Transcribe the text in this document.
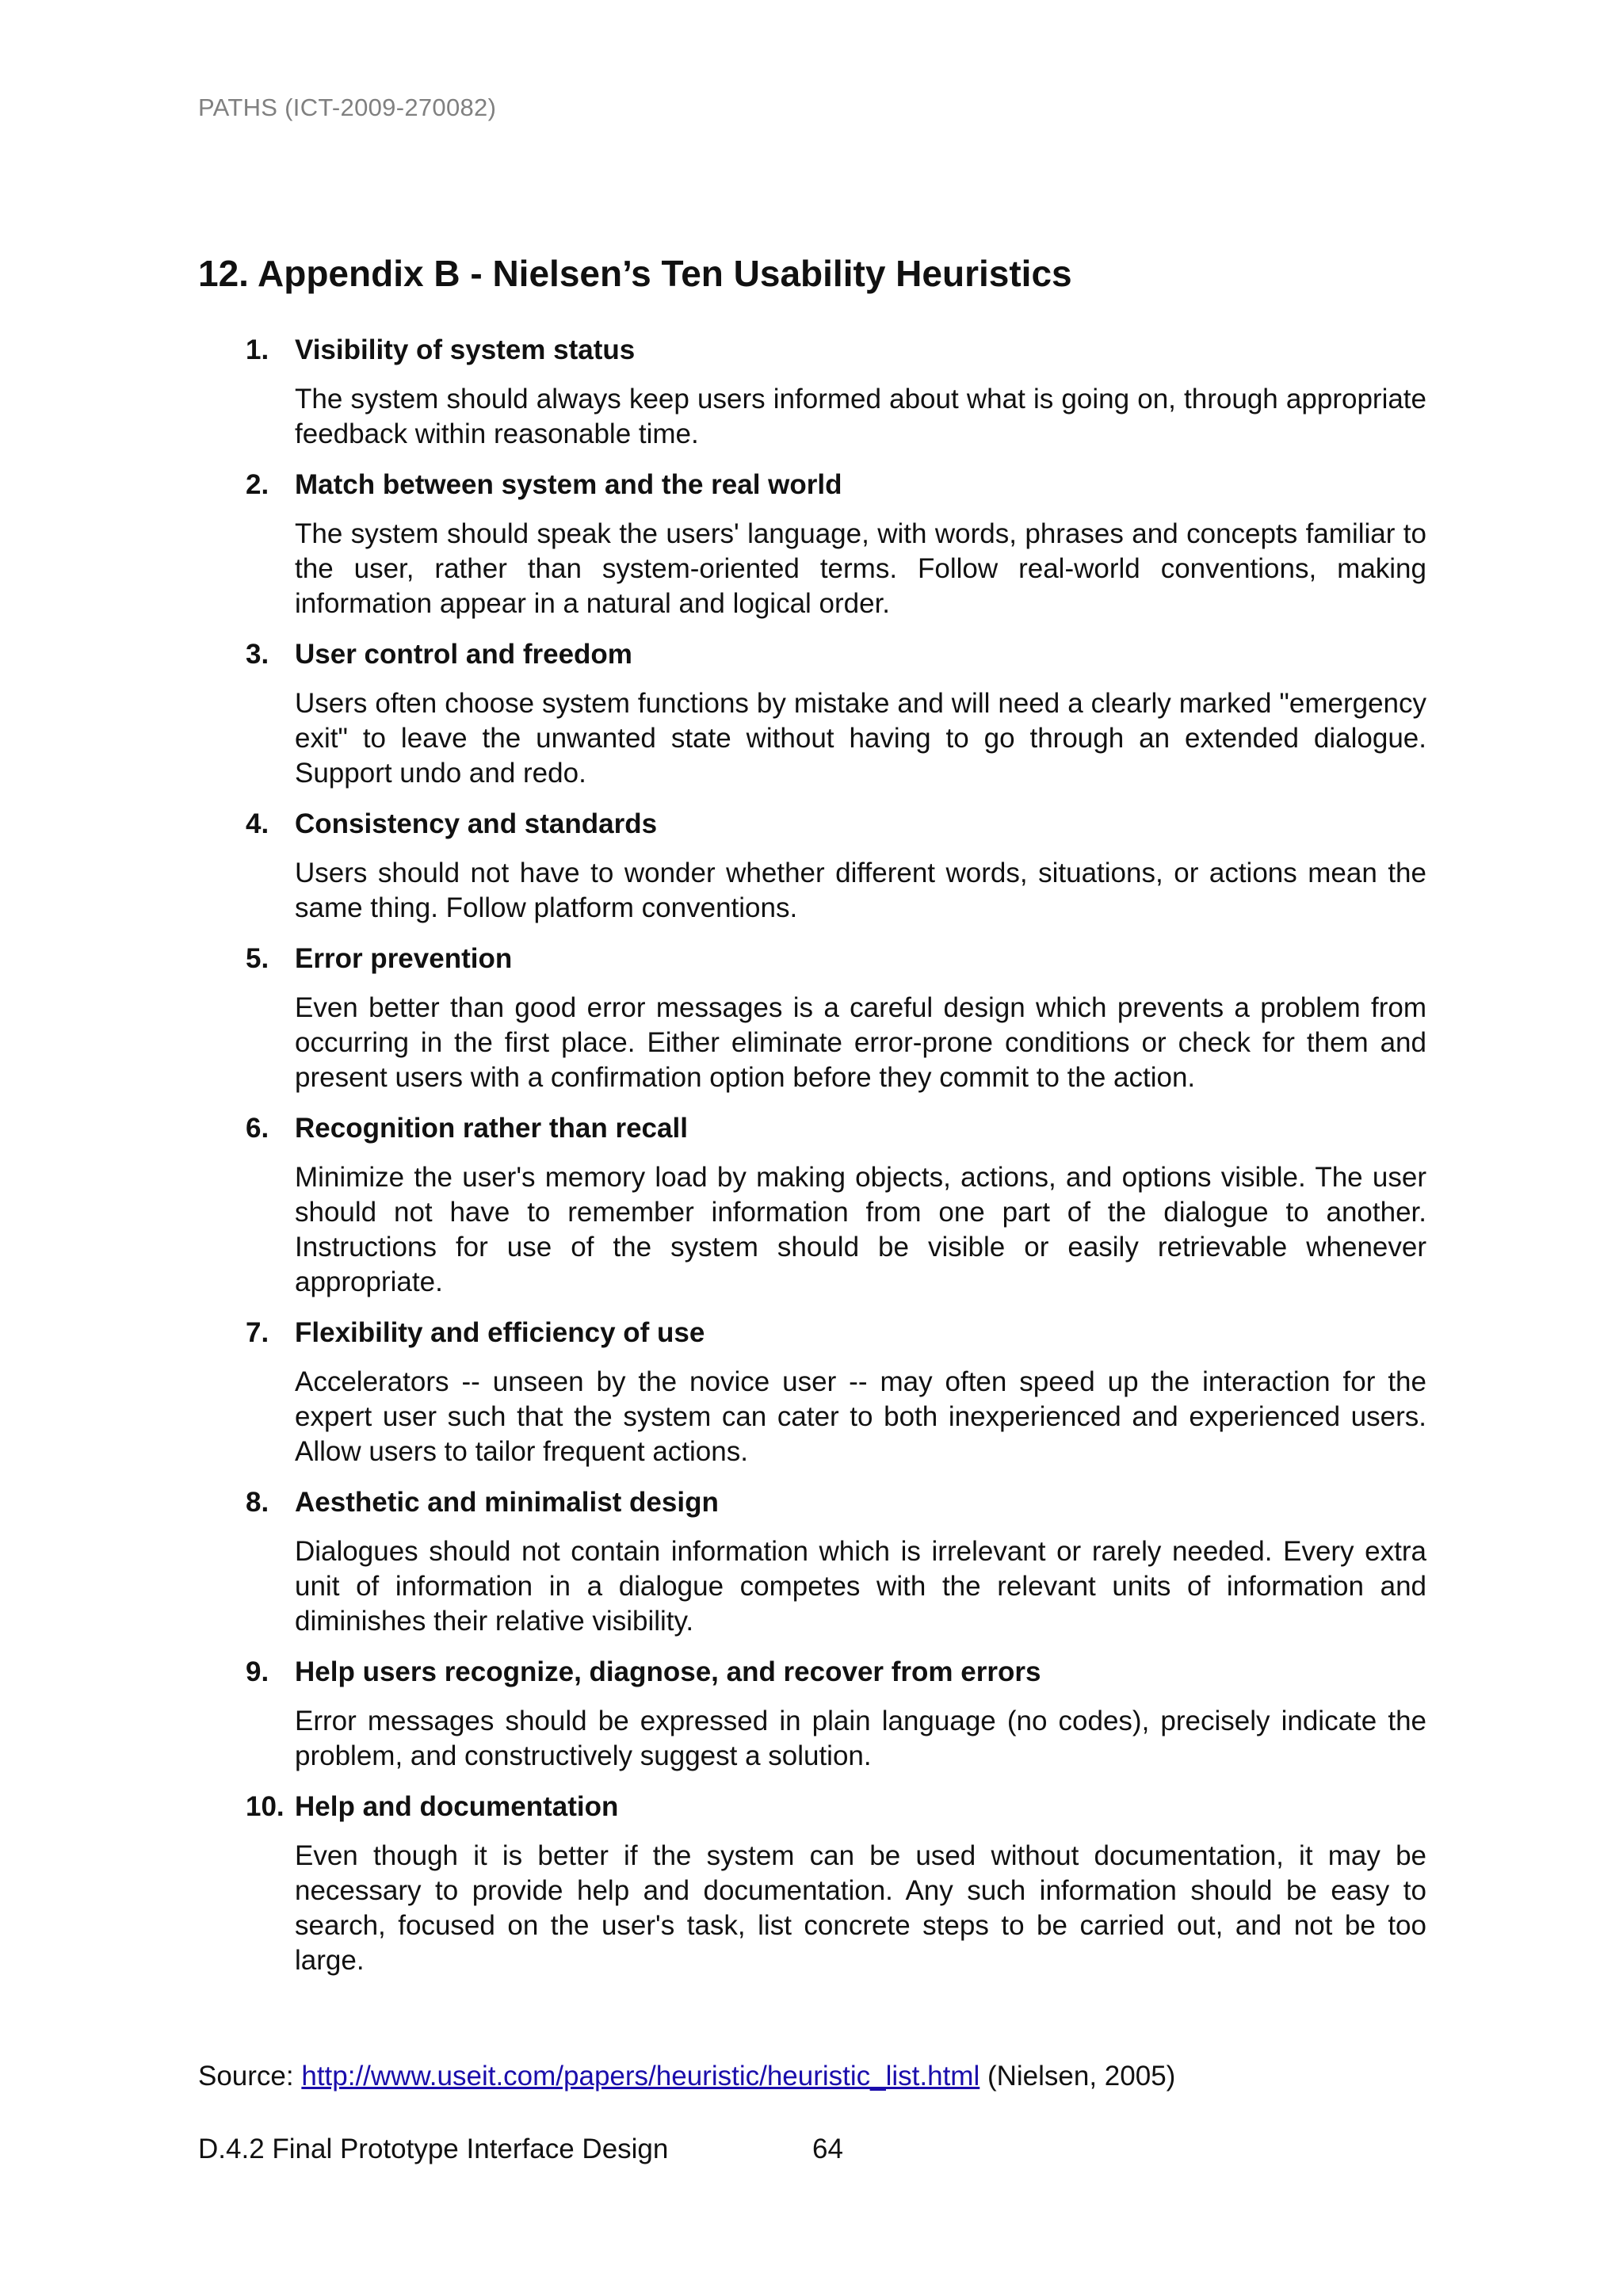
PATHS (ICT-2009-270082)
12. Appendix B - Nielsen’s Ten Usability Heuristics
1. Visibility of system status

The system should always keep users informed about what is going on, through appropriate feedback within reasonable time.

2. Match between system and the real world

The system should speak the users' language, with words, phrases and concepts familiar to the user, rather than system-oriented terms. Follow real-world conventions, making information appear in a natural and logical order.

3. User control and freedom

Users often choose system functions by mistake and will need a clearly marked "emergency exit" to leave the unwanted state without having to go through an extended dialogue. Support undo and redo.

4. Consistency and standards

Users should not have to wonder whether different words, situations, or actions mean the same thing. Follow platform conventions.

5. Error prevention

Even better than good error messages is a careful design which prevents a problem from occurring in the first place. Either eliminate error-prone conditions or check for them and present users with a confirmation option before they commit to the action.

6. Recognition rather than recall

Minimize the user's memory load by making objects, actions, and options visible. The user should not have to remember information from one part of the dialogue to another. Instructions for use of the system should be visible or easily retrievable whenever appropriate.

7. Flexibility and efficiency of use

Accelerators -- unseen by the novice user -- may often speed up the interaction for the expert user such that the system can cater to both inexperienced and experienced users. Allow users to tailor frequent actions.

8. Aesthetic and minimalist design

Dialogues should not contain information which is irrelevant or rarely needed. Every extra unit of information in a dialogue competes with the relevant units of information and diminishes their relative visibility.

9. Help users recognize, diagnose, and recover from errors

Error messages should be expressed in plain language (no codes), precisely indicate the problem, and constructively suggest a solution.

10. Help and documentation

Even though it is better if the system can be used without documentation, it may be necessary to provide help and documentation. Any such information should be easy to search, focused on the user's task, list concrete steps to be carried out, and not be too large.

Source: http://www.useit.com/papers/heuristic/heuristic_list.html (Nielsen, 2005)
D.4.2 Final Prototype Interface Design	64
